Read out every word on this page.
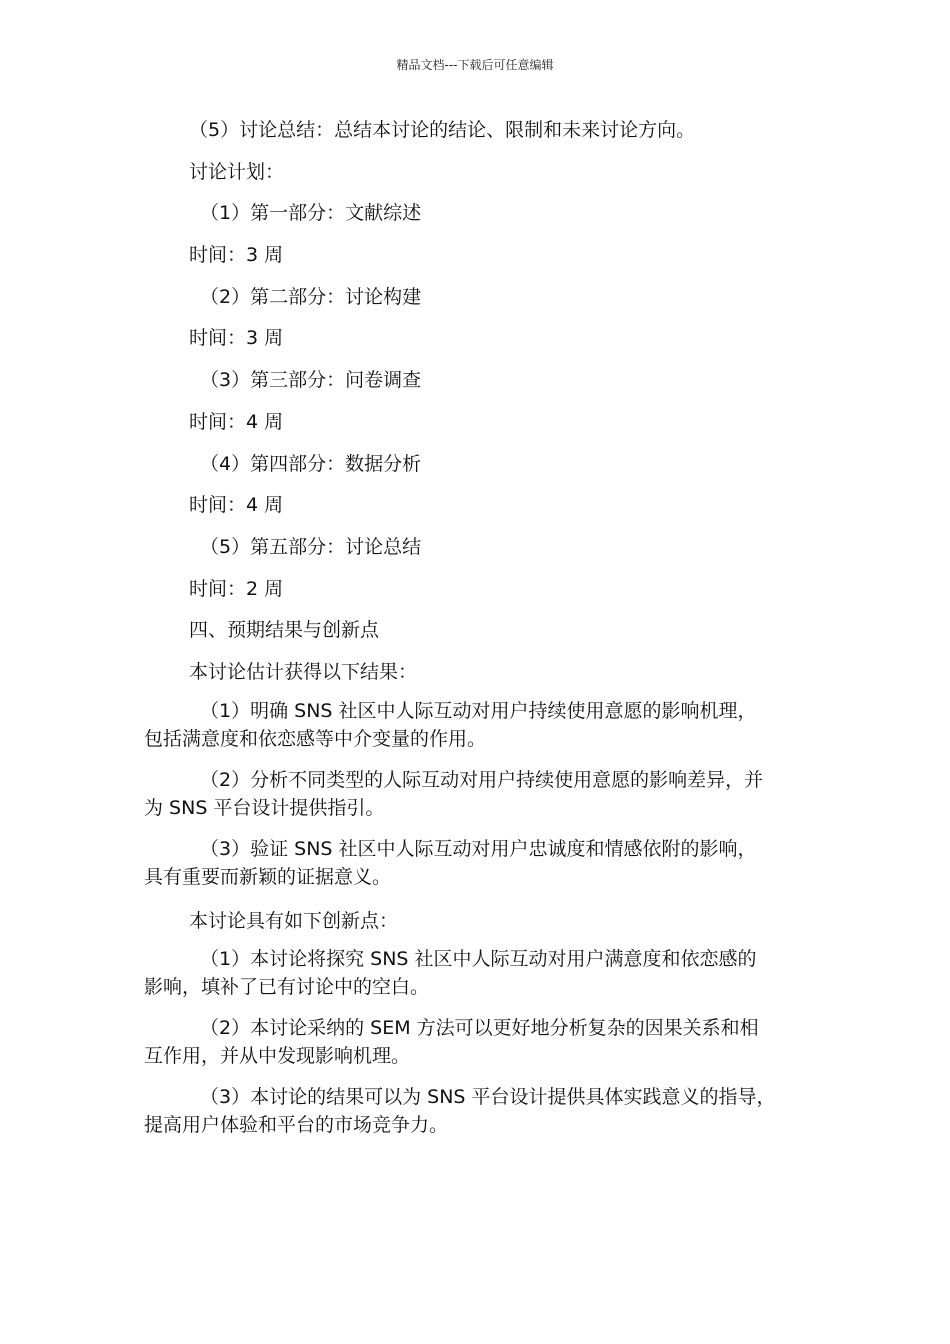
精品文档---下载后可任意编辑
（5）讨论总结：总结本讨论的结论、限制和未来讨论方向。
讨论计划：
（1）第一部分：文献综述
时间：3 周
（2）第二部分：讨论构建
时间：3 周
（3）第三部分：问卷调查
时间：4 周
（4）第四部分：数据分析
时间：4 周
（5）第五部分：讨论总结
时间：2 周
四、预期结果与创新点
本讨论估计获得以下结果：
（1）明确 SNS 社区中人际互动对用户持续使用意愿的影响机理，
包括满意度和依恋感等中介变量的作用。
（2）分析不同类型的人际互动对用户持续使用意愿的影响差异，并
为 SNS 平台设计提供指引。
（3）验证 SNS 社区中人际互动对用户忠诚度和情感依附的影响，
具有重要而新颖的证据意义。
本讨论具有如下创新点：
（1）本讨论将探究 SNS 社区中人际互动对用户满意度和依恋感的
影响，填补了已有讨论中的空白。
（2）本讨论采纳的 SEM 方法可以更好地分析复杂的因果关系和相
互作用，并从中发现影响机理。
（3）本讨论的结果可以为 SNS 平台设计提供具体实践意义的指导，
提高用户体验和平台的市场竞争力。
